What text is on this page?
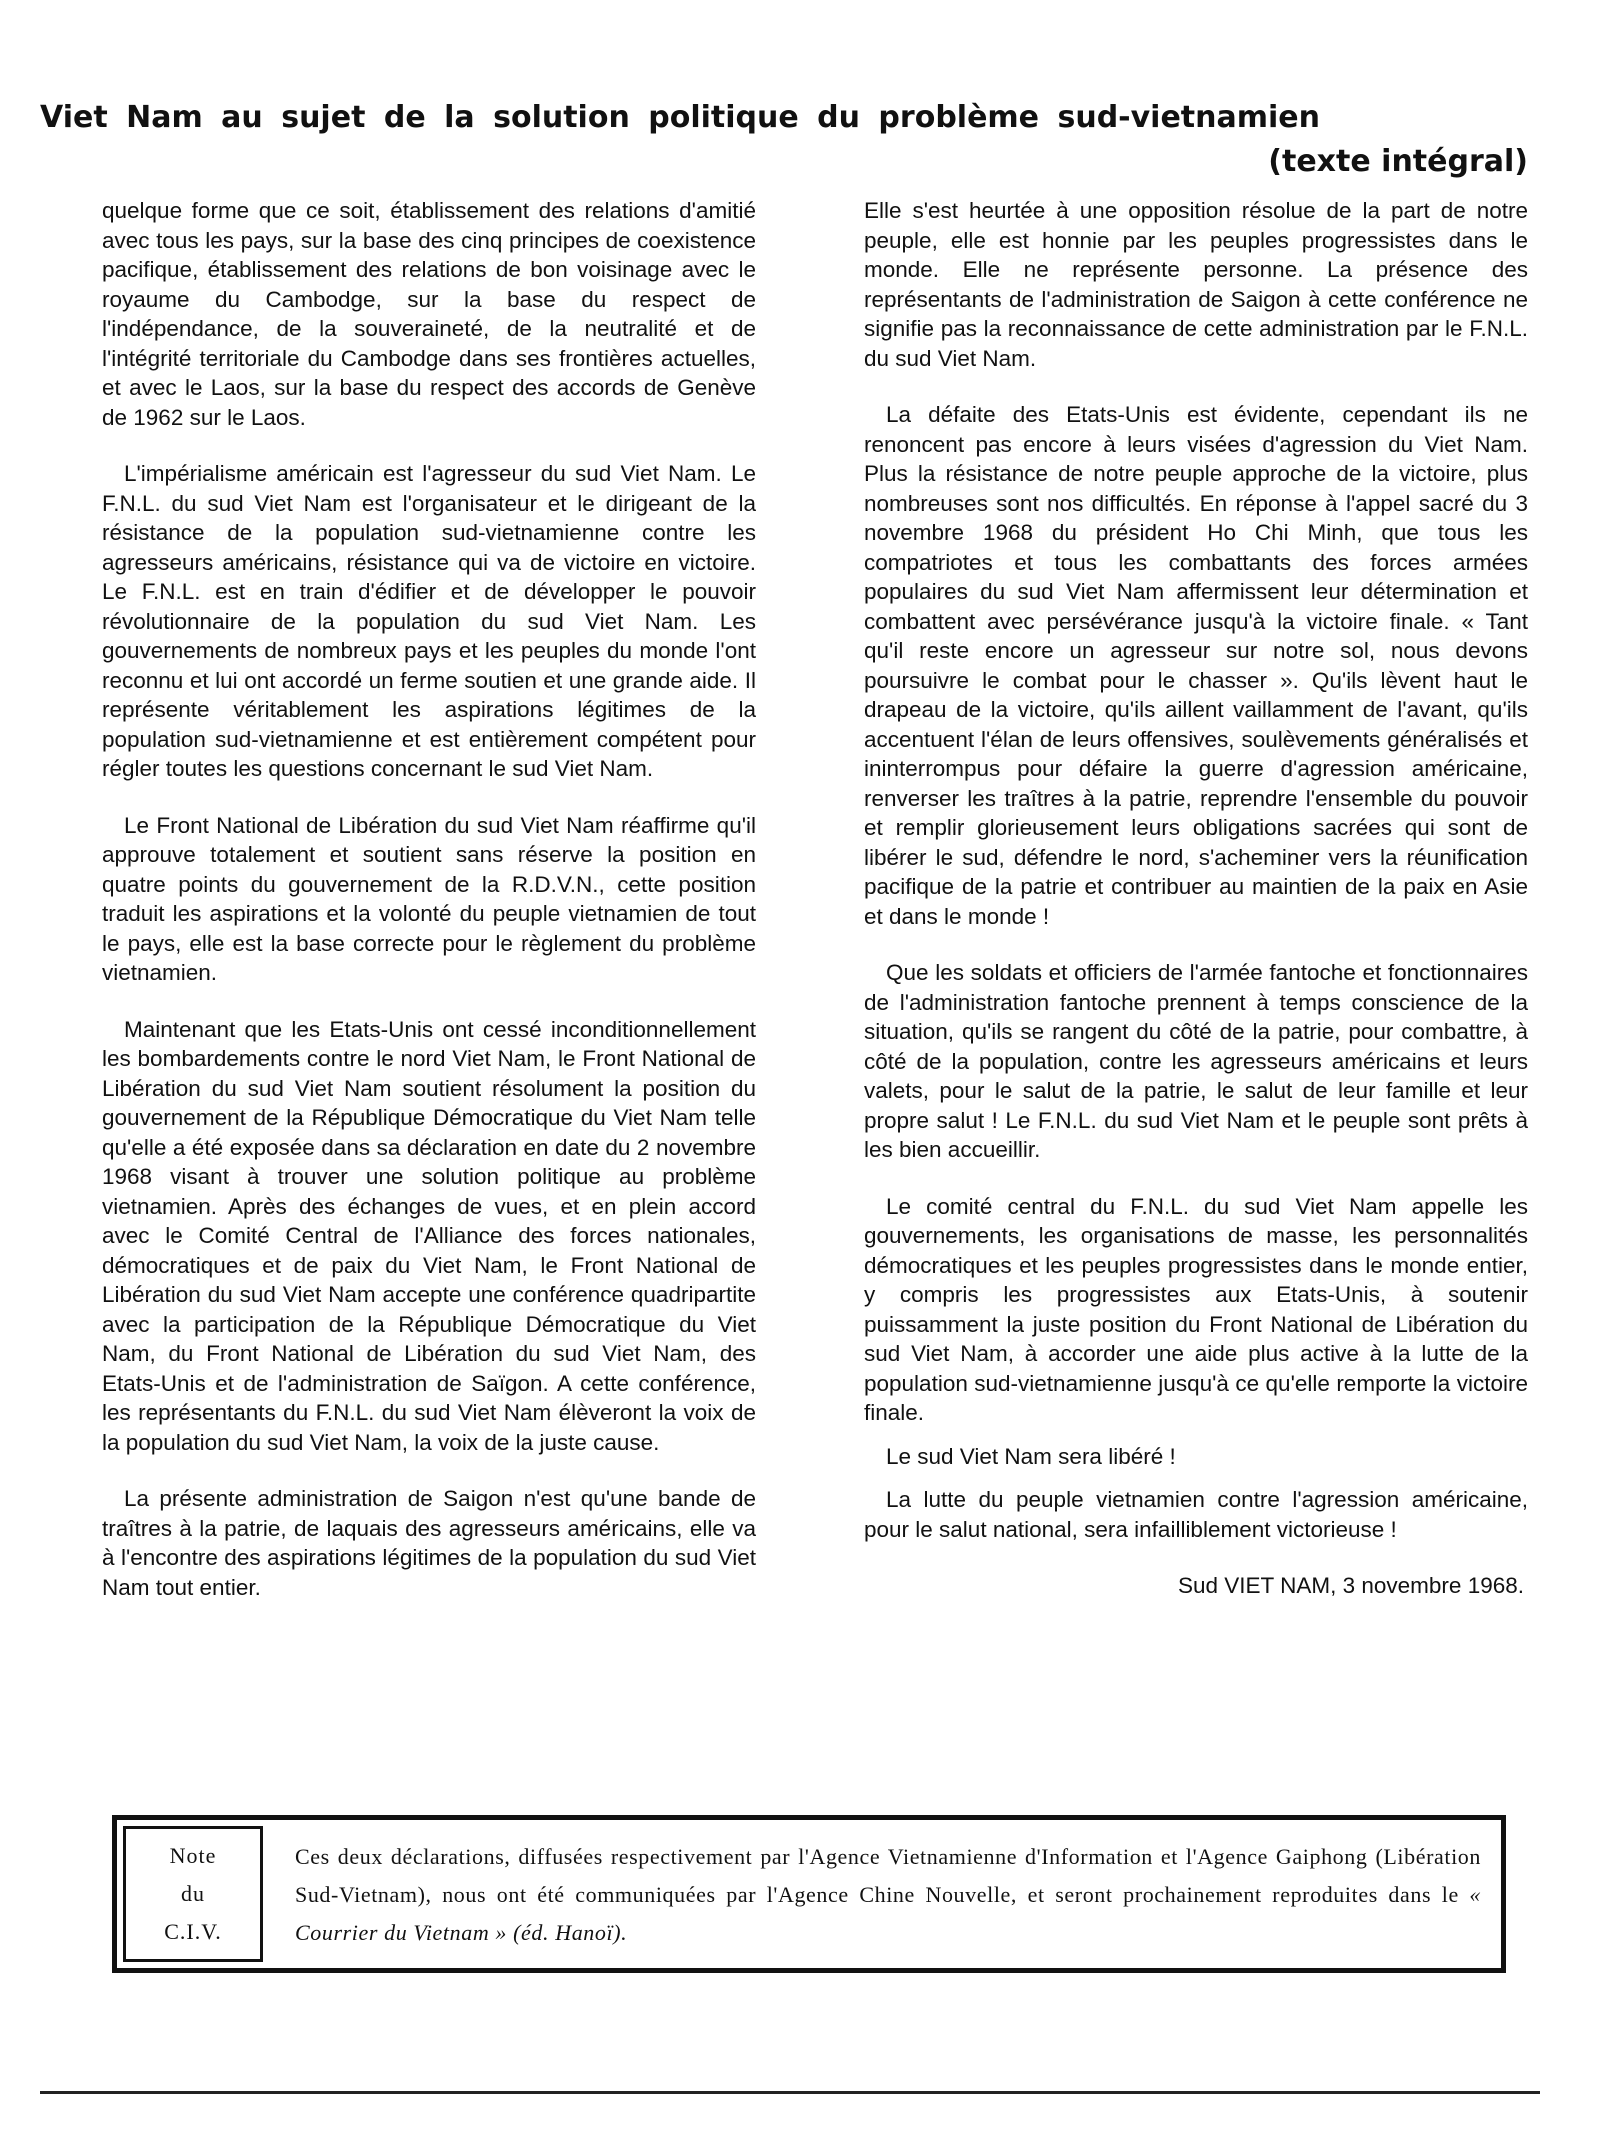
Viet Nam au sujet de la solution politique du problème sud-vietnamien
(texte intégral)

quelque forme que ce soit, établissement des relations d'amitié avec tous les pays, sur la base des cinq principes de coexistence pacifique, établissement des relations de bon voisinage avec le royaume du Cambodge, sur la base du respect de l'indépendance, de la souveraineté, de la neutralité et de l'intégrité territoriale du Cambodge dans ses frontières actuelles, et avec le Laos, sur la base du respect des accords de Genève de 1962 sur le Laos.

L'impérialisme américain est l'agresseur du sud Viet Nam. Le F.N.L. du sud Viet Nam est l'organisateur et le dirigeant de la résistance de la population sud-vietnamienne contre les agresseurs américains, résistance qui va de victoire en victoire. Le F.N.L. est en train d'édifier et de développer le pouvoir révolutionnaire de la population du sud Viet Nam. Les gouvernements de nombreux pays et les peuples du monde l'ont reconnu et lui ont accordé un ferme soutien et une grande aide. Il représente véritablement les aspirations légitimes de la population sud-vietnamienne et est entièrement compétent pour régler toutes les questions concernant le sud Viet Nam.

Le Front National de Libération du sud Viet Nam réaffirme qu'il approuve totalement et soutient sans réserve la position en quatre points du gouvernement de la R.D.V.N., cette position traduit les aspirations et la volonté du peuple vietnamien de tout le pays, elle est la base correcte pour le règlement du problème vietnamien.

Maintenant que les Etats-Unis ont cessé inconditionnellement les bombardements contre le nord Viet Nam, le Front National de Libération du sud Viet Nam soutient résolument la position du gouvernement de la République Démocratique du Viet Nam telle qu'elle a été exposée dans sa déclaration en date du 2 novembre 1968 visant à trouver une solution politique au problème vietnamien. Après des échanges de vues, et en plein accord avec le Comité Central de l'Alliance des forces nationales, démocratiques et de paix du Viet Nam, le Front National de Libération du sud Viet Nam accepte une conférence quadripartite avec la participation de la République Démocratique du Viet Nam, du Front National de Libération du sud Viet Nam, des Etats-Unis et de l'administration de Saïgon. A cette conférence, les représentants du F.N.L. du sud Viet Nam élèveront la voix de la population du sud Viet Nam, la voix de la juste cause.

La présente administration de Saigon n'est qu'une bande de traîtres à la patrie, de laquais des agresseurs américains, elle va à l'encontre des aspirations légitimes de la population du sud Viet Nam tout entier.

Elle s'est heurtée à une opposition résolue de la part de notre peuple, elle est honnie par les peuples progressistes dans le monde. Elle ne représente personne. La présence des représentants de l'administration de Saigon à cette conférence ne signifie pas la reconnaissance de cette administration par le F.N.L. du sud Viet Nam.

La défaite des Etats-Unis est évidente, cependant ils ne renoncent pas encore à leurs visées d'agression du Viet Nam. Plus la résistance de notre peuple approche de la victoire, plus nombreuses sont nos difficultés. En réponse à l'appel sacré du 3 novembre 1968 du président Ho Chi Minh, que tous les compatriotes et tous les combattants des forces armées populaires du sud Viet Nam affermissent leur détermination et combattent avec persévérance jusqu'à la victoire finale. « Tant qu'il reste encore un agresseur sur notre sol, nous devons poursuivre le combat pour le chasser ». Qu'ils lèvent haut le drapeau de la victoire, qu'ils aillent vaillamment de l'avant, qu'ils accentuent l'élan de leurs offensives, soulèvements généralisés et ininterrompus pour défaire la guerre d'agression américaine, renverser les traîtres à la patrie, reprendre l'ensemble du pouvoir et remplir glorieusement leurs obligations sacrées qui sont de libérer le sud, défendre le nord, s'acheminer vers la réunification pacifique de la patrie et contribuer au maintien de la paix en Asie et dans le monde !

Que les soldats et officiers de l'armée fantoche et fonctionnaires de l'administration fantoche prennent à temps conscience de la situation, qu'ils se rangent du côté de la patrie, pour combattre, à côté de la population, contre les agresseurs américains et leurs valets, pour le salut de la patrie, le salut de leur famille et leur propre salut ! Le F.N.L. du sud Viet Nam et le peuple sont prêts à les bien accueillir.

Le comité central du F.N.L. du sud Viet Nam appelle les gouvernements, les organisations de masse, les personnalités démocratiques et les peuples progressistes dans le monde entier, y compris les progressistes aux Etats-Unis, à soutenir puissamment la juste position du Front National de Libération du sud Viet Nam, à accorder une aide plus active à la lutte de la population sud-vietnamienne jusqu'à ce qu'elle remporte la victoire finale.

Le sud Viet Nam sera libéré !

La lutte du peuple vietnamien contre l'agression américaine, pour le salut national, sera infailliblement victorieuse !

Sud VIET NAM, 3 novembre 1968.

Note
du
C.I.V.
Ces deux déclarations, diffusées respectivement par l'Agence Vietnamienne d'Information et l'Agence Gaiphong (Libération Sud-Vietnam), nous ont été communiquées par l'Agence Chine Nouvelle, et seront prochainement reproduites dans le « Courrier du Vietnam » (éd. Hanoï).
